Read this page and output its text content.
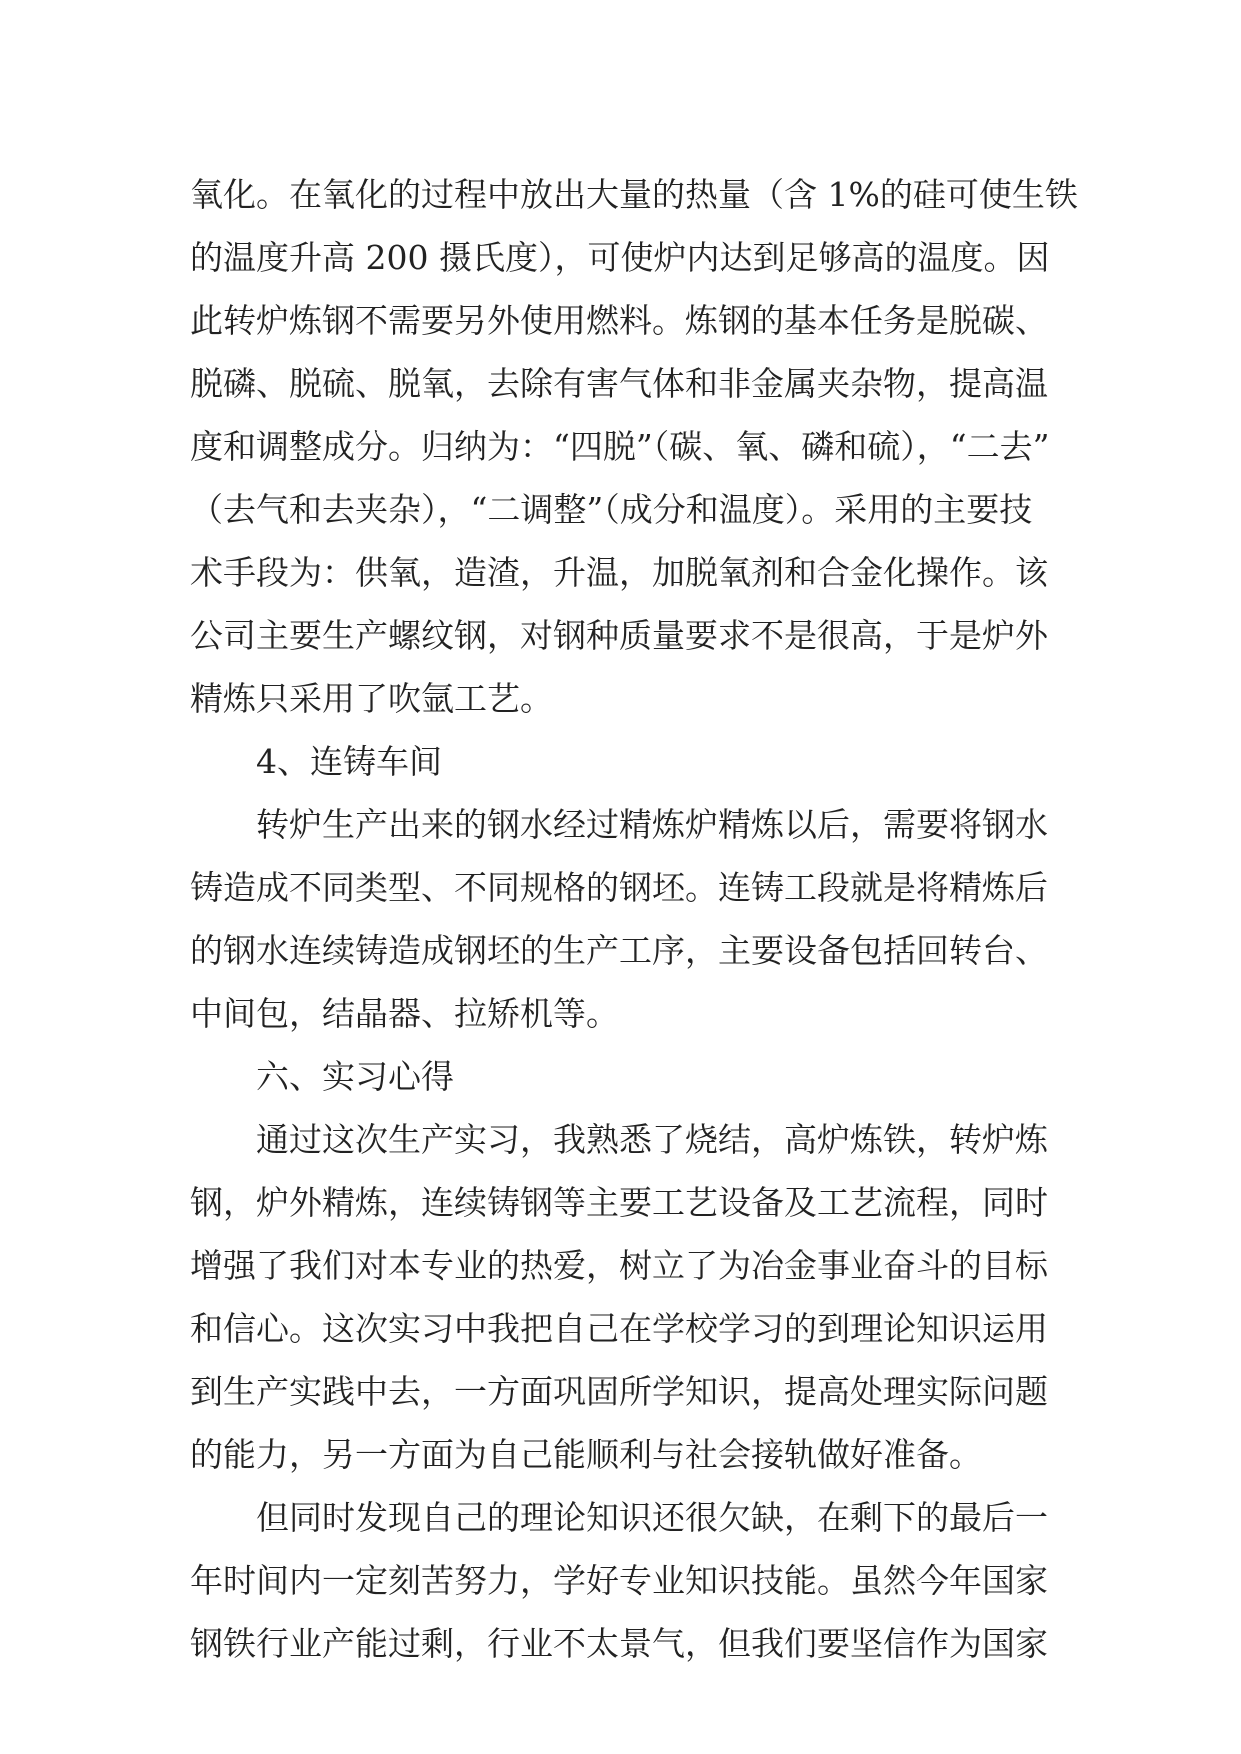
氧化。在氧化的过程中放出大量的热量（含 1%的硅可使生铁
的温度升高 200 摄氏度），可使炉内达到足够高的温度。因
此转炉炼钢不需要另外使用燃料。炼钢的基本任务是脱碳、
脱磷、脱硫、脱氧，去除有害气体和非金属夹杂物，提高温
度和调整成分。归纳为：“四脱”（碳、氧、磷和硫），“二去”
（去气和去夹杂），“二调整”（成分和温度）。采用的主要技
术手段为：供氧，造渣，升温，加脱氧剂和合金化操作。该
公司主要生产螺纹钢，对钢种质量要求不是很高，于是炉外
精炼只采用了吹氩工艺。
4、连铸车间
转炉生产出来的钢水经过精炼炉精炼以后，需要将钢水
铸造成不同类型、不同规格的钢坯。连铸工段就是将精炼后
的钢水连续铸造成钢坯的生产工序，主要设备包括回转台、
中间包，结晶器、拉矫机等。
六、实习心得
通过这次生产实习，我熟悉了烧结，高炉炼铁，转炉炼
钢，炉外精炼，连续铸钢等主要工艺设备及工艺流程，同时
增强了我们对本专业的热爱，树立了为冶金事业奋斗的目标
和信心。这次实习中我把自己在学校学习的到理论知识运用
到生产实践中去，一方面巩固所学知识，提高处理实际问题
的能力，另一方面为自己能顺利与社会接轨做好准备。
但同时发现自己的理论知识还很欠缺，在剩下的最后一
年时间内一定刻苦努力，学好专业知识技能。虽然今年国家
钢铁行业产能过剩，行业不太景气，但我们要坚信作为国家
